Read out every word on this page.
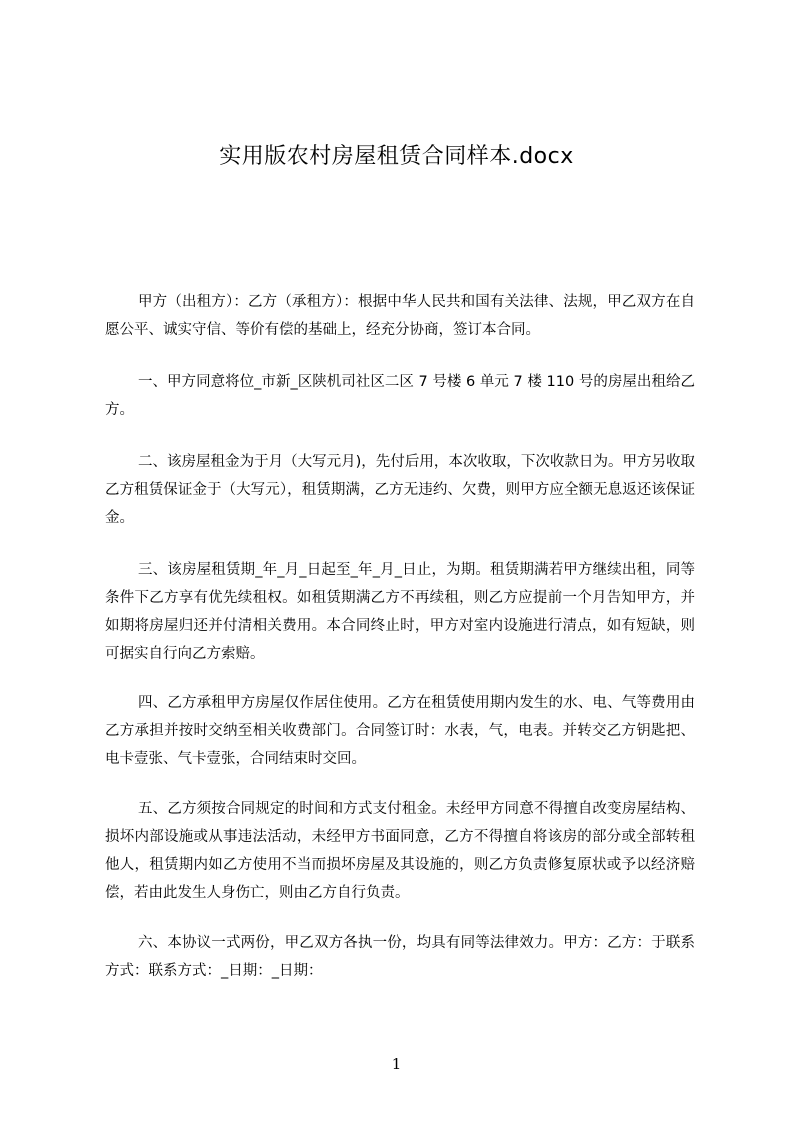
实用版农村房屋租赁合同样本.docx

甲方（出租方）：乙方（承租方）：根据中华人民共和国有关法律、法规，甲乙双方在自愿公平、诚实守信、等价有偿的基础上，经充分协商，签订本合同。

一、甲方同意将位_市新_区陕机司社区二区 7 号楼 6 单元 7 楼 110 号的房屋出租给乙方。

二、该房屋租金为于月（大写元月)，先付后用，本次收取，下次收款日为。甲方另收取乙方租赁保证金于（大写元），租赁期满，乙方无违约、欠费，则甲方应全额无息返还该保证金。

三、该房屋租赁期_年_月_日起至_年_月_日止，为期。租赁期满若甲方继续出租，同等条件下乙方享有优先续租权。如租赁期满乙方不再续租，则乙方应提前一个月告知甲方，并如期将房屋归还并付清相关费用。本合同终止时，甲方对室内设施进行清点，如有短缺，则可据实自行向乙方索赔。

四、乙方承租甲方房屋仅作居住使用。乙方在租赁使用期内发生的水、电、气等费用由乙方承担并按时交纳至相关收费部门。合同签订时：水表，气，电表。并转交乙方钥匙把、电卡壹张、气卡壹张，合同结束时交回。

五、乙方须按合同规定的时间和方式支付租金。未经甲方同意不得擅自改变房屋结构、损坏内部设施或从事违法活动，未经甲方书面同意，乙方不得擅自将该房的部分或全部转租他人，租赁期内如乙方使用不当而损坏房屋及其设施的，则乙方负责修复原状或予以经济赔偿，若由此发生人身伤亡，则由乙方自行负责。

六、本协议一式两份，甲乙双方各执一份，均具有同等法律效力。甲方：乙方：于联系方式：联系方式：_日期：_日期：

1
